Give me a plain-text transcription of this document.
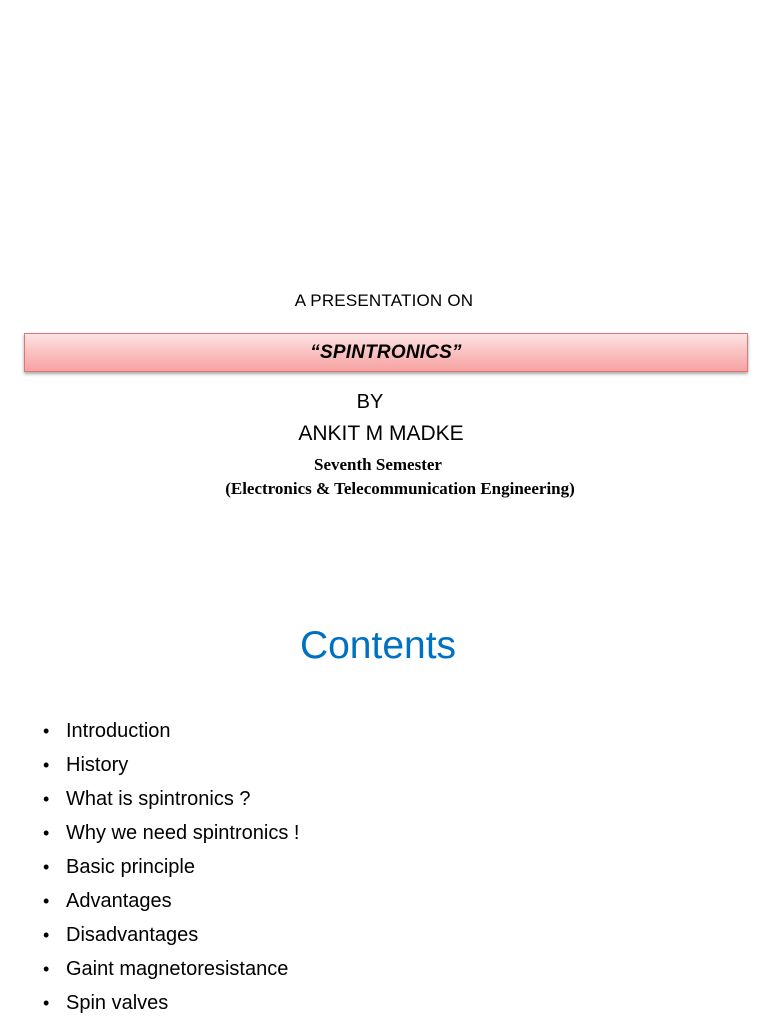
A PRESENTATION ON
“SPINTRONICS”
BY
ANKIT M MADKE
Seventh Semester
(Electronics & Telecommunication Engineering)
Contents
• Introduction
• History
• What is spintronics ?
• Why we need spintronics !
• Basic principle
• Advantages
• Disadvantages
• Gaint magnetoresistance
• Spin valves
